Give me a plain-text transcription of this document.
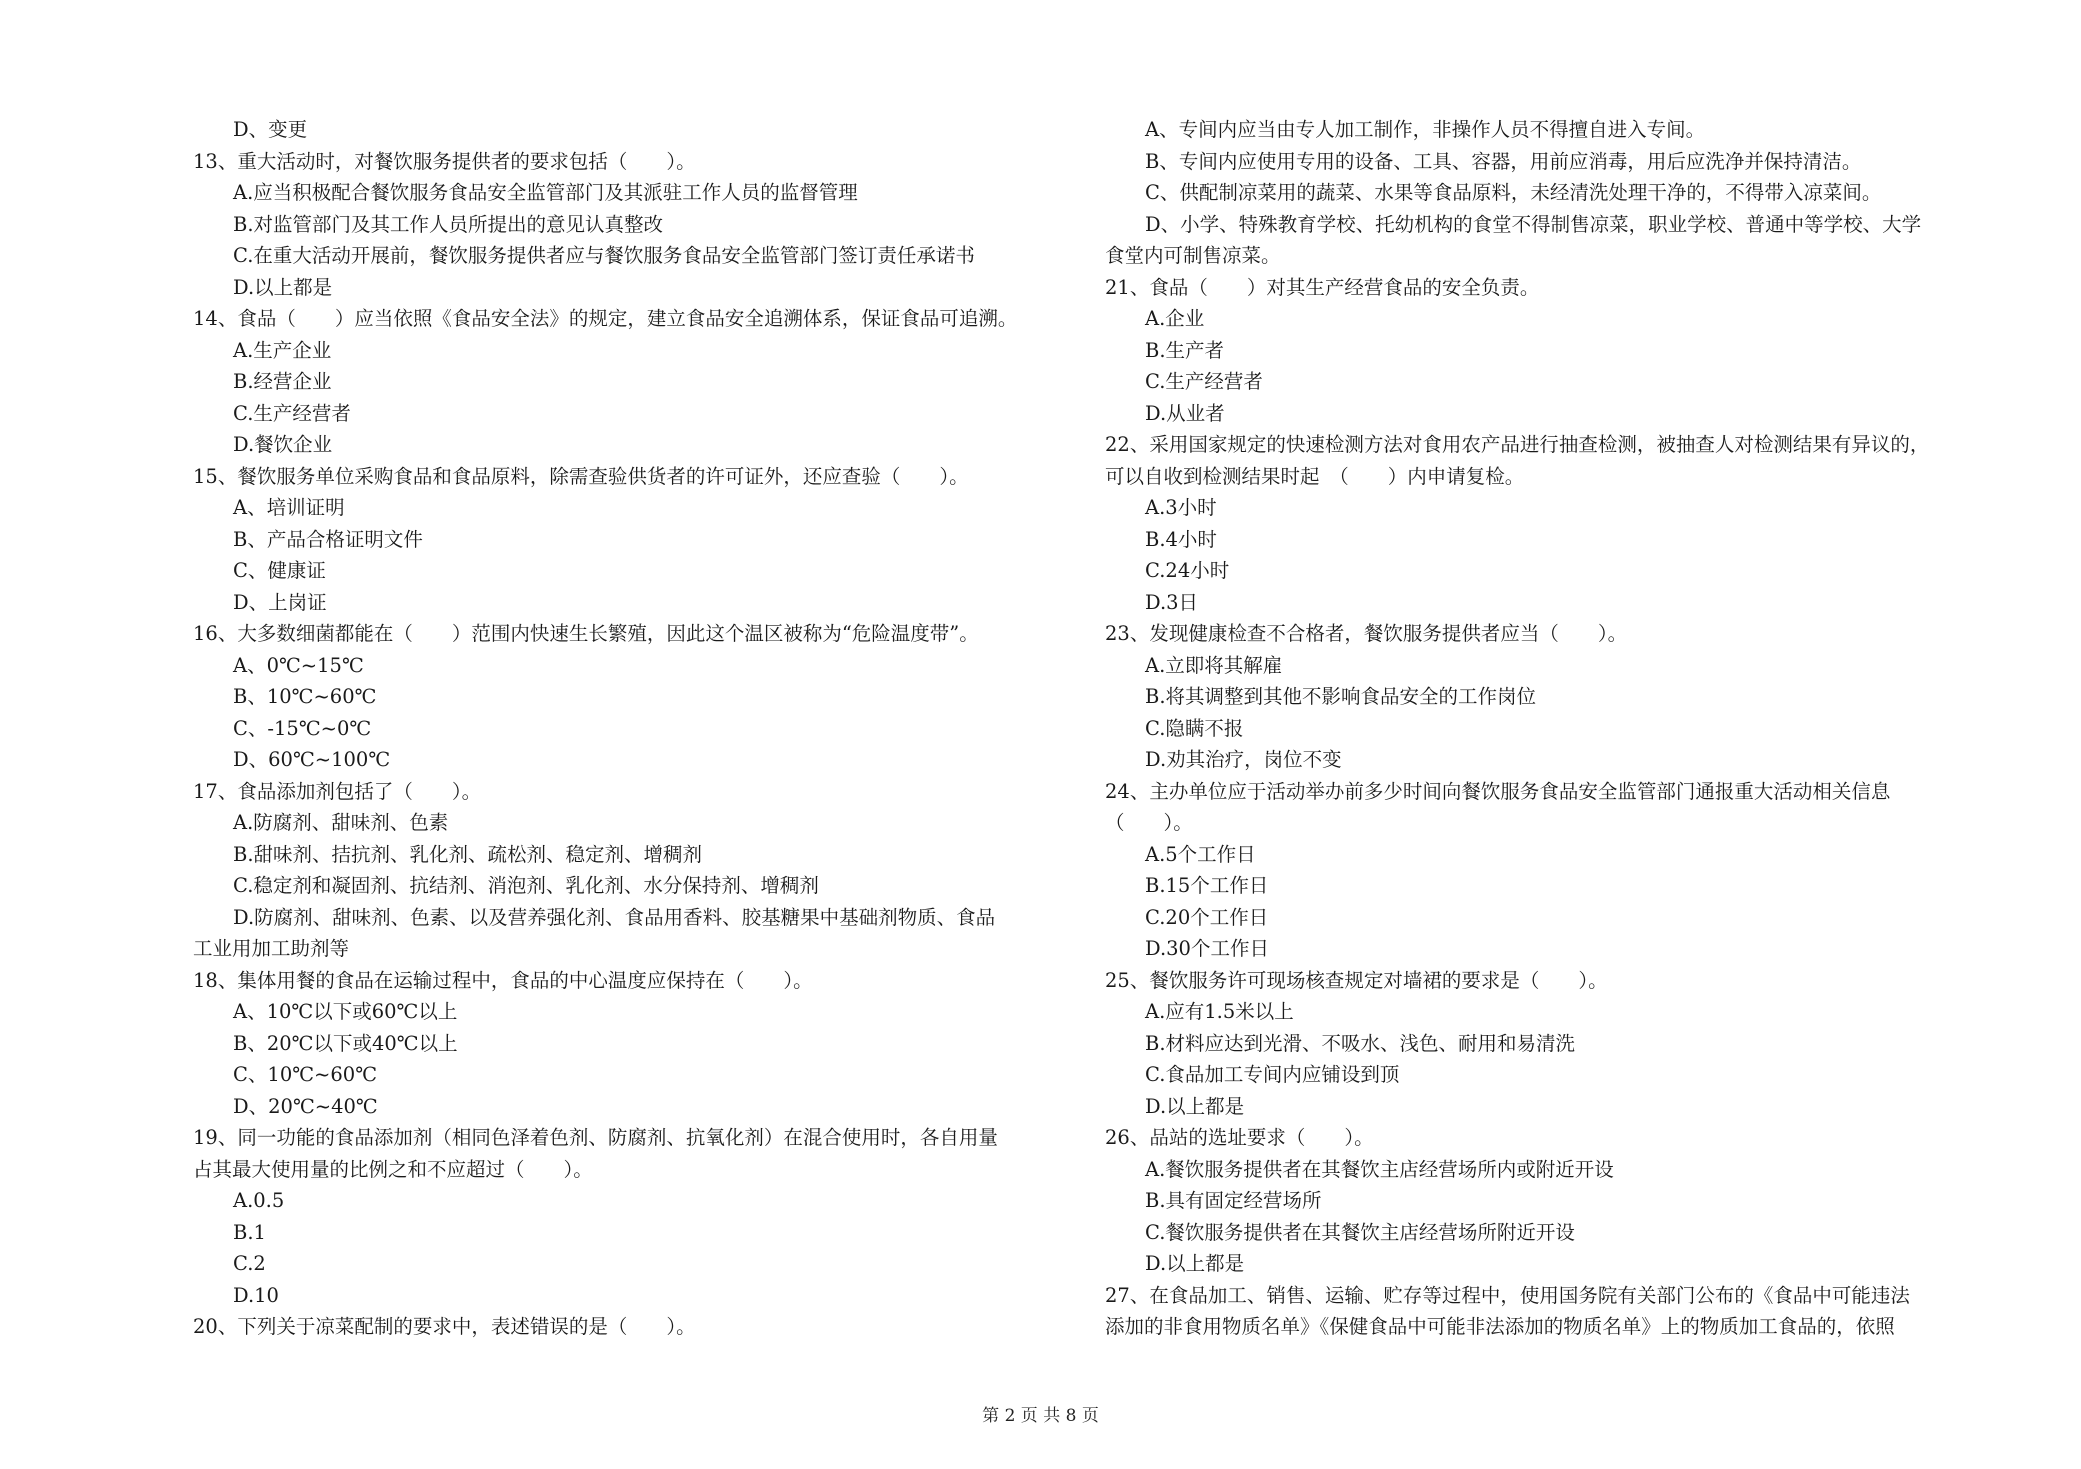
D、变更
13、重大活动时，对餐饮服务提供者的要求包括（　　）。
A.应当积极配合餐饮服务食品安全监管部门及其派驻工作人员的监督管理
B.对监管部门及其工作人员所提出的意见认真整改
C.在重大活动开展前，餐饮服务提供者应与餐饮服务食品安全监管部门签订责任承诺书
D.以上都是
14、食品（　　）应当依照《食品安全法》的规定，建立食品安全追溯体系，保证食品可追溯。
A.生产企业
B.经营企业
C.生产经营者
D.餐饮企业
15、餐饮服务单位采购食品和食品原料，除需查验供货者的许可证外，还应查验（　　）。
A、培训证明
B、产品合格证明文件
C、健康证
D、上岗证
16、大多数细菌都能在（　　）范围内快速生长繁殖，因此这个温区被称为“危险温度带”。
A、0℃~15℃
B、10℃~60℃
C、-15℃~0℃
D、60℃~100℃
17、食品添加剂包括了（　　）。
A.防腐剂、甜味剂、色素
B.甜味剂、拮抗剂、乳化剂、疏松剂、稳定剂、增稠剂
C.稳定剂和凝固剂、抗结剂、消泡剂、乳化剂、水分保持剂、增稠剂
D.防腐剂、甜味剂、色素、以及营养强化剂、食品用香料、胶基糖果中基础剂物质、食品
工业用加工助剂等
18、集体用餐的食品在运输过程中，食品的中心温度应保持在（　　）。
A、10℃以下或60℃以上
B、20℃以下或40℃以上
C、10℃~60℃
D、20℃~40℃
19、同一功能的食品添加剂（相同色泽着色剂、防腐剂、抗氧化剂）在混合使用时，各自用量
占其最大使用量的比例之和不应超过（　　）。
A.0.5
B.1
C.2
D.10
20、下列关于凉菜配制的要求中，表述错误的是（　　）。
A、专间内应当由专人加工制作，非操作人员不得擅自进入专间。
B、专间内应使用专用的设备、工具、容器，用前应消毒，用后应洗净并保持清洁。
C、供配制凉菜用的蔬菜、水果等食品原料，未经清洗处理干净的，不得带入凉菜间。
D、小学、特殊教育学校、托幼机构的食堂不得制售凉菜，职业学校、普通中等学校、大学
食堂内可制售凉菜。
21、食品（　　）对其生产经营食品的安全负责。
A.企业
B.生产者
C.生产经营者
D.从业者
22、采用国家规定的快速检测方法对食用农产品进行抽查检测，被抽查人对检测结果有异议的，
可以自收到检测结果时起　（　　）内申请复检。
A.3小时
B.4小时
C.24小时
D.3日
23、发现健康检查不合格者，餐饮服务提供者应当（　　）。
A.立即将其解雇
B.将其调整到其他不影响食品安全的工作岗位
C.隐瞒不报
D.劝其治疗，岗位不变
24、主办单位应于活动举办前多少时间向餐饮服务食品安全监管部门通报重大活动相关信息
（　　）。
A.5个工作日
B.15个工作日
C.20个工作日
D.30个工作日
25、餐饮服务许可现场核查规定对墙裙的要求是（　　）。
A.应有1.5米以上
B.材料应达到光滑、不吸水、浅色、耐用和易清洗
C.食品加工专间内应铺设到顶
D.以上都是
26、品站的选址要求（　　）。
A.餐饮服务提供者在其餐饮主店经营场所内或附近开设
B.具有固定经营场所
C.餐饮服务提供者在其餐饮主店经营场所附近开设
D.以上都是
27、在食品加工、销售、运输、贮存等过程中，使用国务院有关部门公布的《食品中可能违法
添加的非食用物质名单》《保健食品中可能非法添加的物质名单》上的物质加工食品的，依照
第 2 页 共 8 页
